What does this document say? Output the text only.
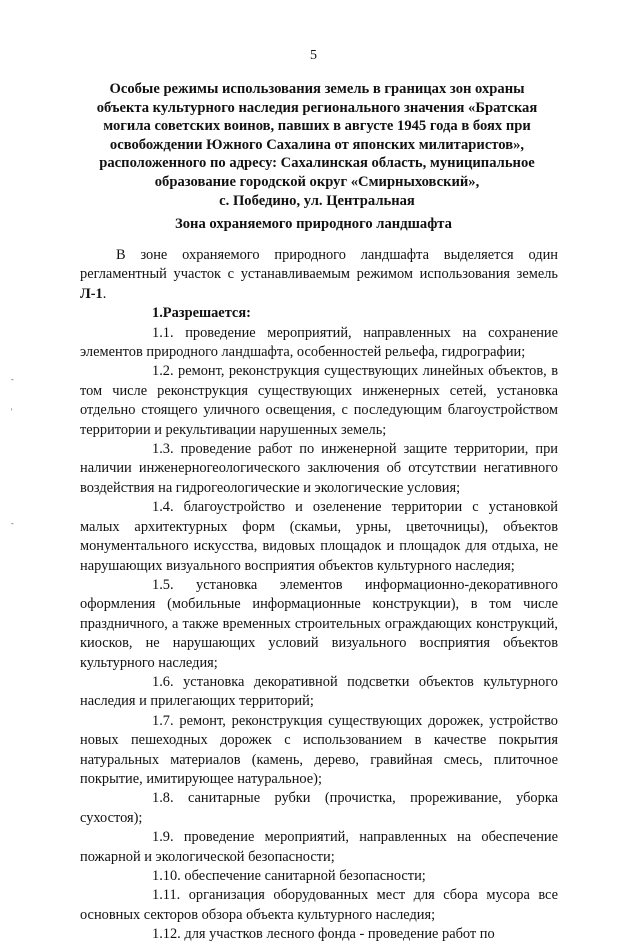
-
'
-
5
Особые режимы использования земель в границах зон охраны
объекта культурного наследия регионального значения «Братская
могила советских воинов, павших в августе 1945 года в боях при
освобождении Южного Сахалина от японских милитаристов»,
расположенного по адресу: Сахалинская область, муниципальное
образование городской округ «Смирныховский»,
с. Победино, ул. Центральная
Зона охраняемого природного ландшафта

В зоне охраняемого природного ландшафта выделяется один регламентный участок с устанавливаемым режимом использования земель Л-1.

1.Разрешается:

1.1. проведение мероприятий, направленных на сохранение элементов природного ландшафта, особенностей рельефа, гидрографии;

1.2. ремонт, реконструкция существующих линейных объектов, в том числе реконструкция существующих инженерных сетей, установка отдельно стоящего уличного освещения, с последующим благоустройством территории и рекультивации нарушенных земель;

1.3. проведение работ по инженерной защите территории, при наличии инженерногеологического заключения об отсутствии негативного воздействия на гидрогеологические и экологические условия;

1.4. благоустройство и озеленение территории с установкой малых архитектурных форм (скамьи, урны, цветочницы), объектов монументального искусства, видовых площадок и площадок для отдыха, не нарушающих визуального восприятия объектов культурного наследия;

1.5. установка элементов информационно-декоративного оформления (мобильные информационные конструкции), в том числе праздничного, а также временных строительных ограждающих конструкций, киосков, не нарушающих условий визуального восприятия объектов культурного наследия;

1.6. установка декоративной подсветки объектов культурного наследия и прилегающих территорий;

1.7. ремонт, реконструкция существующих дорожек, устройство новых пешеходных дорожек с использованием в качестве покрытия натуральных материалов (камень, дерево, гравийная смесь, плиточное покрытие, имитирующее натуральное);

1.8. санитарные рубки (прочистка, прореживание, уборка сухостоя);

1.9. проведение мероприятий, направленных на обеспечение пожарной и экологической безопасности;

1.10. обеспечение санитарной безопасности;

1.11. организация оборудованных мест для сбора мусора все основных секторов обзора объекта культурного наследия;

1.12. для участков лесного фонда - проведение работ по
